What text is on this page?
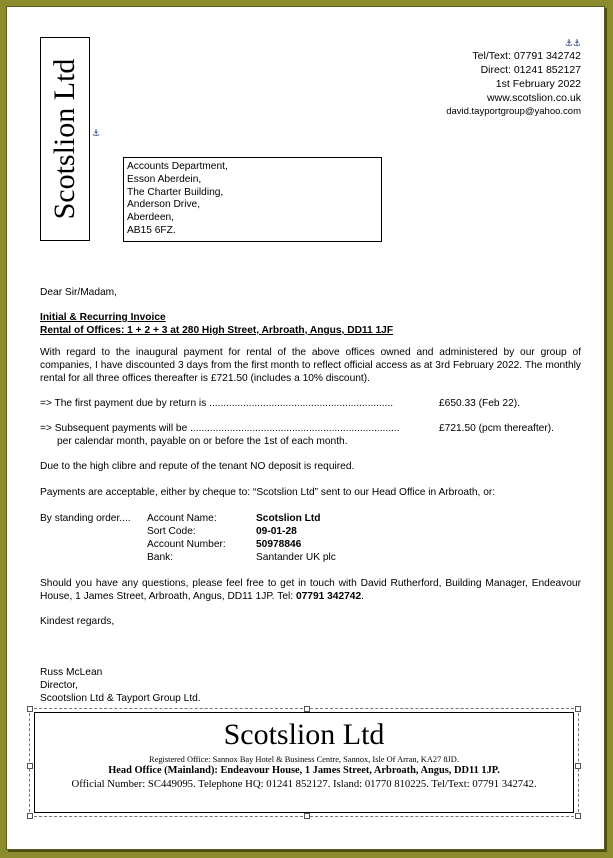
Scotslion Ltd ⚓
⚓⚓
Tel/Text: 07791 342742
Direct: 01241 852127
1st February 2022
www.scotslion.co.uk
david.tayportgroup@yahoo.com
Accounts Department,
Esson Aberdein,
The Charter Building,
Anderson Drive,
Aberdeen,
AB15 6FZ.
Dear Sir/Madam,
Initial & Recurring Invoice
Rental of Offices: 1 + 2 + 3 at 280 High Street, Arbroath, Angus, DD11 1JF
With regard to the inaugural payment for rental of the above offices owned and administered by our group of companies, I have discounted 3 days from the first month to reflect official access as at 3rd February 2022. The monthly rental for all three offices thereafter is £721.50 (includes a 10% discount).
=> The first payment due by return is .................................................................	£650.33 (Feb 22).
=> Subsequent payments will be ..........................................................................	£721.50 (pcm thereafter).
per calendar month, payable on or before the 1st of each month.
Due to the high clibre and repute of the tenant NO deposit is required.
Payments are acceptable, either by cheque to: “Scotslion Ltd” sent to our Head Office in Arbroath, or:
By standing order.... Account Name:	Scotslion Ltd
Sort Code:	09-01-28
Account Number:	50978846
Bank:	Santander UK plc
Should you have any questions, please feel free to get in touch with David Rutherford, Building Manager, Endeavour House, 1 James Street, Arbroath, Angus, DD11 1JP. Tel: 07791 342742.
Kindest regards,
Russ McLean
Director,
Scootslion Ltd & Tayport Group Ltd.
Scotslion Ltd
Registered Office: Sannox Bay Hotel & Business Centre, Sannox, Isle Of Arran, KA27 8JD.
Head Office (Mainland): Endeavour House, 1 James Street, Arbroath, Angus, DD11 1JP.
Official Number: SC449095. Telephone HQ: 01241 852127. Island: 01770 810225. Tel/Text: 07791 342742.
